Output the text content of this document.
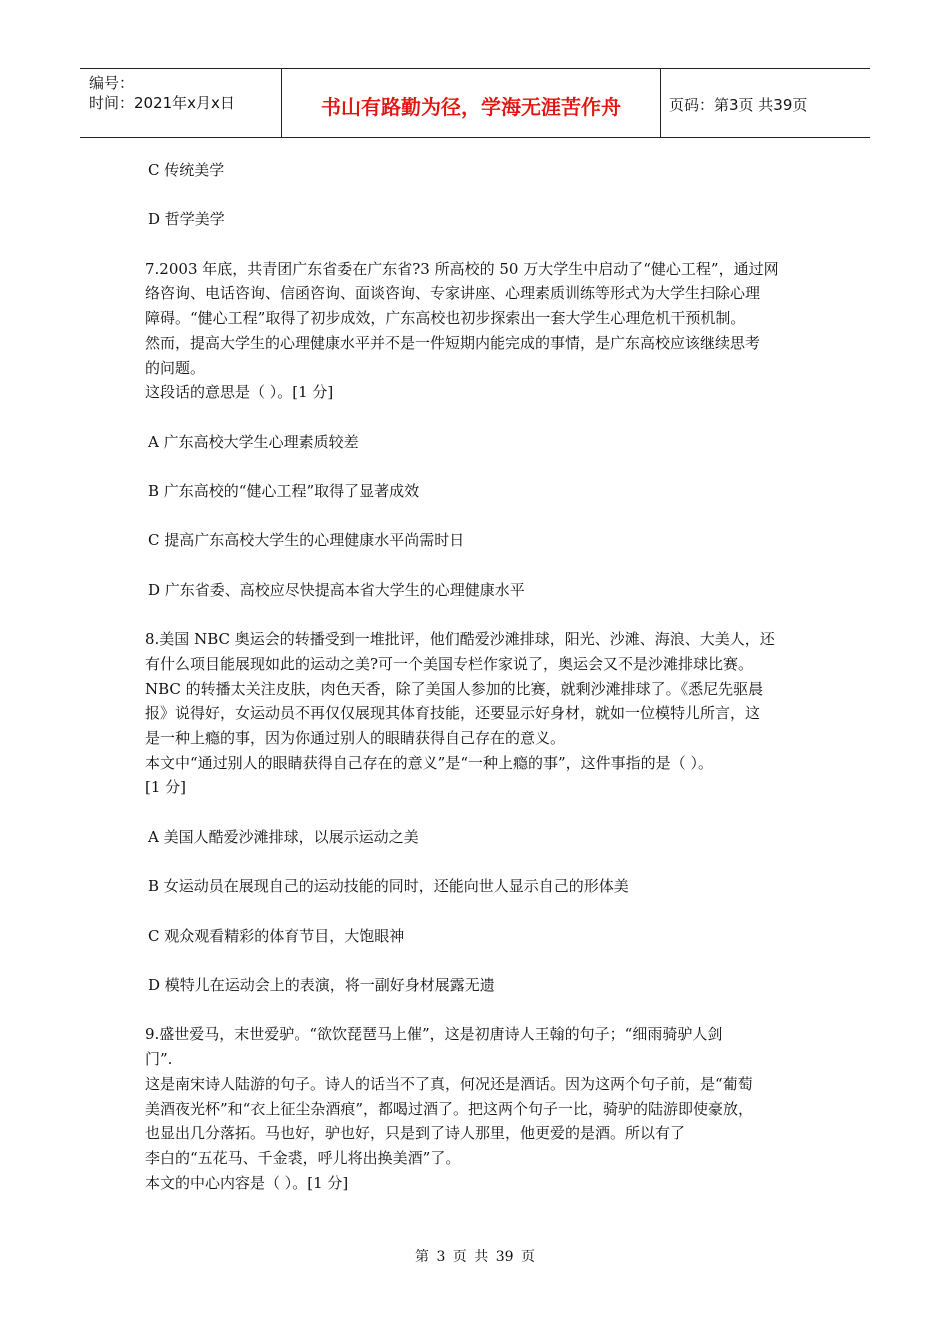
编号：
时间：2021年x月x日	书山有路勤为径，学海无涯苦作舟	页码：第3页 共39页
C 传统美学
D 哲学美学
7.2003 年底，共青团广东省委在广东省?3 所高校的 50 万大学生中启动了“健心工程”，通过网
络咨询、电话咨询、信函咨询、面谈咨询、专家讲座、心理素质训练等形式为大学生扫除心理
障碍。“健心工程”取得了初步成效，广东高校也初步探索出一套大学生心理危机干预机制。
然而，提高大学生的心理健康水平并不是一件短期内能完成的事情，是广东高校应该继续思考
的问题。
这段话的意思是（ ）。[1 分]
A 广东高校大学生心理素质较差
B 广东高校的“健心工程”取得了显著成效
C 提高广东高校大学生的心理健康水平尚需时日
D 广东省委、高校应尽快提高本省大学生的心理健康水平
8.美国 NBC 奥运会的转播受到一堆批评，他们酷爱沙滩排球，阳光、沙滩、海浪、大美人，还
有什么项目能展现如此的运动之美?可一个美国专栏作家说了，奥运会又不是沙滩排球比赛。
NBC 的转播太关注皮肤，肉色天香，除了美国人参加的比赛，就剩沙滩排球了。《悉尼先驱晨
报》说得好，女运动员不再仅仅展现其体育技能，还要显示好身材，就如一位模特儿所言，这
是一种上瘾的事，因为你通过别人的眼睛获得自己存在的意义。
本文中“通过别人的眼睛获得自己存在的意义”是“一种上瘾的事”，这件事指的是（ ）。
[1 分]
A 美国人酷爱沙滩排球，以展示运动之美
B 女运动员在展现自己的运动技能的同时，还能向世人显示自己的形体美
C 观众观看精彩的体育节目，大饱眼神
D 模特儿在运动会上的表演，将一副好身材展露无遗
9.盛世爱马，末世爱驴。“欲饮琵琶马上催”，这是初唐诗人王翰的句子；“细雨骑驴人剑
门”.
这是南宋诗人陆游的句子。诗人的话当不了真，何况还是酒话。因为这两个句子前，是“葡萄
美酒夜光杯”和“衣上征尘杂酒痕”，都喝过酒了。把这两个句子一比，骑驴的陆游即使豪放，
也显出几分落拓。马也好，驴也好，只是到了诗人那里，他更爱的是酒。所以有了
李白的“五花马、千金裘，呼儿将出换美酒”了。
本文的中心内容是（ ）。[1 分]
第 3 页 共 39 页
